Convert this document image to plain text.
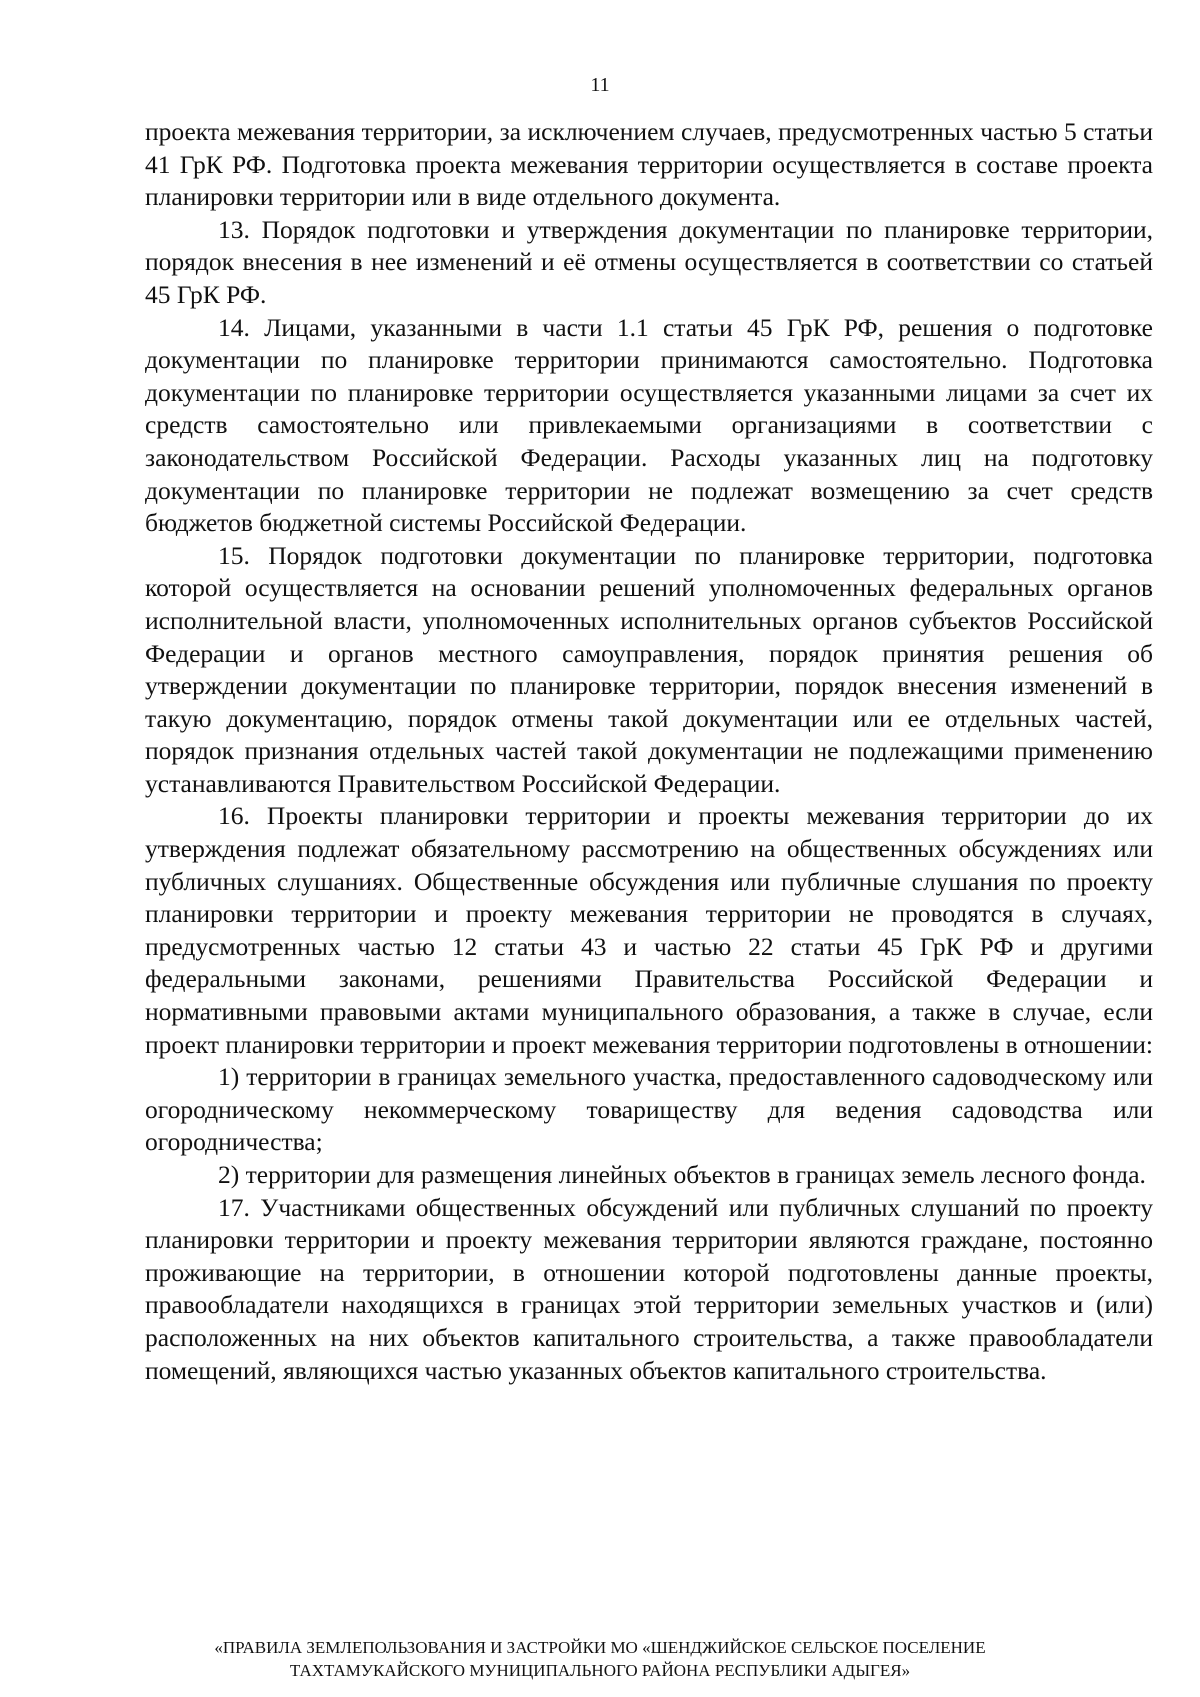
11

проекта межевания территории, за исключением случаев, предусмотренных частью 5 статьи 41 ГрК РФ. Подготовка проекта межевания территории осуществляется в составе проекта планировки территории или в виде отдельного документа.

13. Порядок подготовки и утверждения документации по планировке территории, порядок внесения в нее изменений и её отмены осуществляется в соответствии со статьей 45 ГрК РФ.

14. Лицами, указанными в части 1.1 статьи 45 ГрК РФ, решения о подготовке документации по планировке территории принимаются самостоятельно. Подготовка документации по планировке территории осуществляется указанными лицами за счет их средств самостоятельно или привлекаемыми организациями в соответствии с законодательством Российской Федерации. Расходы указанных лиц на подготовку документации по планировке территории не подлежат возмещению за счет средств бюджетов бюджетной системы Российской Федерации.

15. Порядок подготовки документации по планировке территории, подготовка которой осуществляется на основании решений уполномоченных федеральных органов исполнительной власти, уполномоченных исполнительных органов субъектов Российской Федерации и органов местного самоуправления, порядок принятия решения об утверждении документации по планировке территории, порядок внесения изменений в такую документацию, порядок отмены такой документации или ее отдельных частей, порядок признания отдельных частей такой документации не подлежащими применению устанавливаются Правительством Российской Федерации.

16. Проекты планировки территории и проекты межевания территории до их утверждения подлежат обязательному рассмотрению на общественных обсуждениях или публичных слушаниях. Общественные обсуждения или публичные слушания по проекту планировки территории и проекту межевания территории не проводятся в случаях, предусмотренных частью 12 статьи 43 и частью 22 статьи 45 ГрК РФ и другими федеральными законами, решениями Правительства Российской Федерации и нормативными правовыми актами муниципального образования, а также в случае, если проект планировки территории и проект межевания территории подготовлены в отношении:

1) территории в границах земельного участка, предоставленного садоводческому или огородническому некоммерческому товариществу для ведения садоводства или огородничества;

2) территории для размещения линейных объектов в границах земель лесного фонда.

17. Участниками общественных обсуждений или публичных слушаний по проекту планировки территории и проекту межевания территории являются граждане, постоянно проживающие на территории, в отношении которой подготовлены данные проекты, правообладатели находящихся в границах этой территории земельных участков и (или) расположенных на них объектов капитального строительства, а также правообладатели помещений, являющихся частью указанных объектов капитального строительства.

«ПРАВИЛА ЗЕМЛЕПОЛЬЗОВАНИЯ И ЗАСТРОЙКИ МО «ШЕНДЖИЙСКОЕ СЕЛЬСКОЕ ПОСЕЛЕНИЕ
ТАХТАМУКАЙСКОГО МУНИЦИПАЛЬНОГО РАЙОНА РЕСПУБЛИКИ АДЫГЕЯ»
